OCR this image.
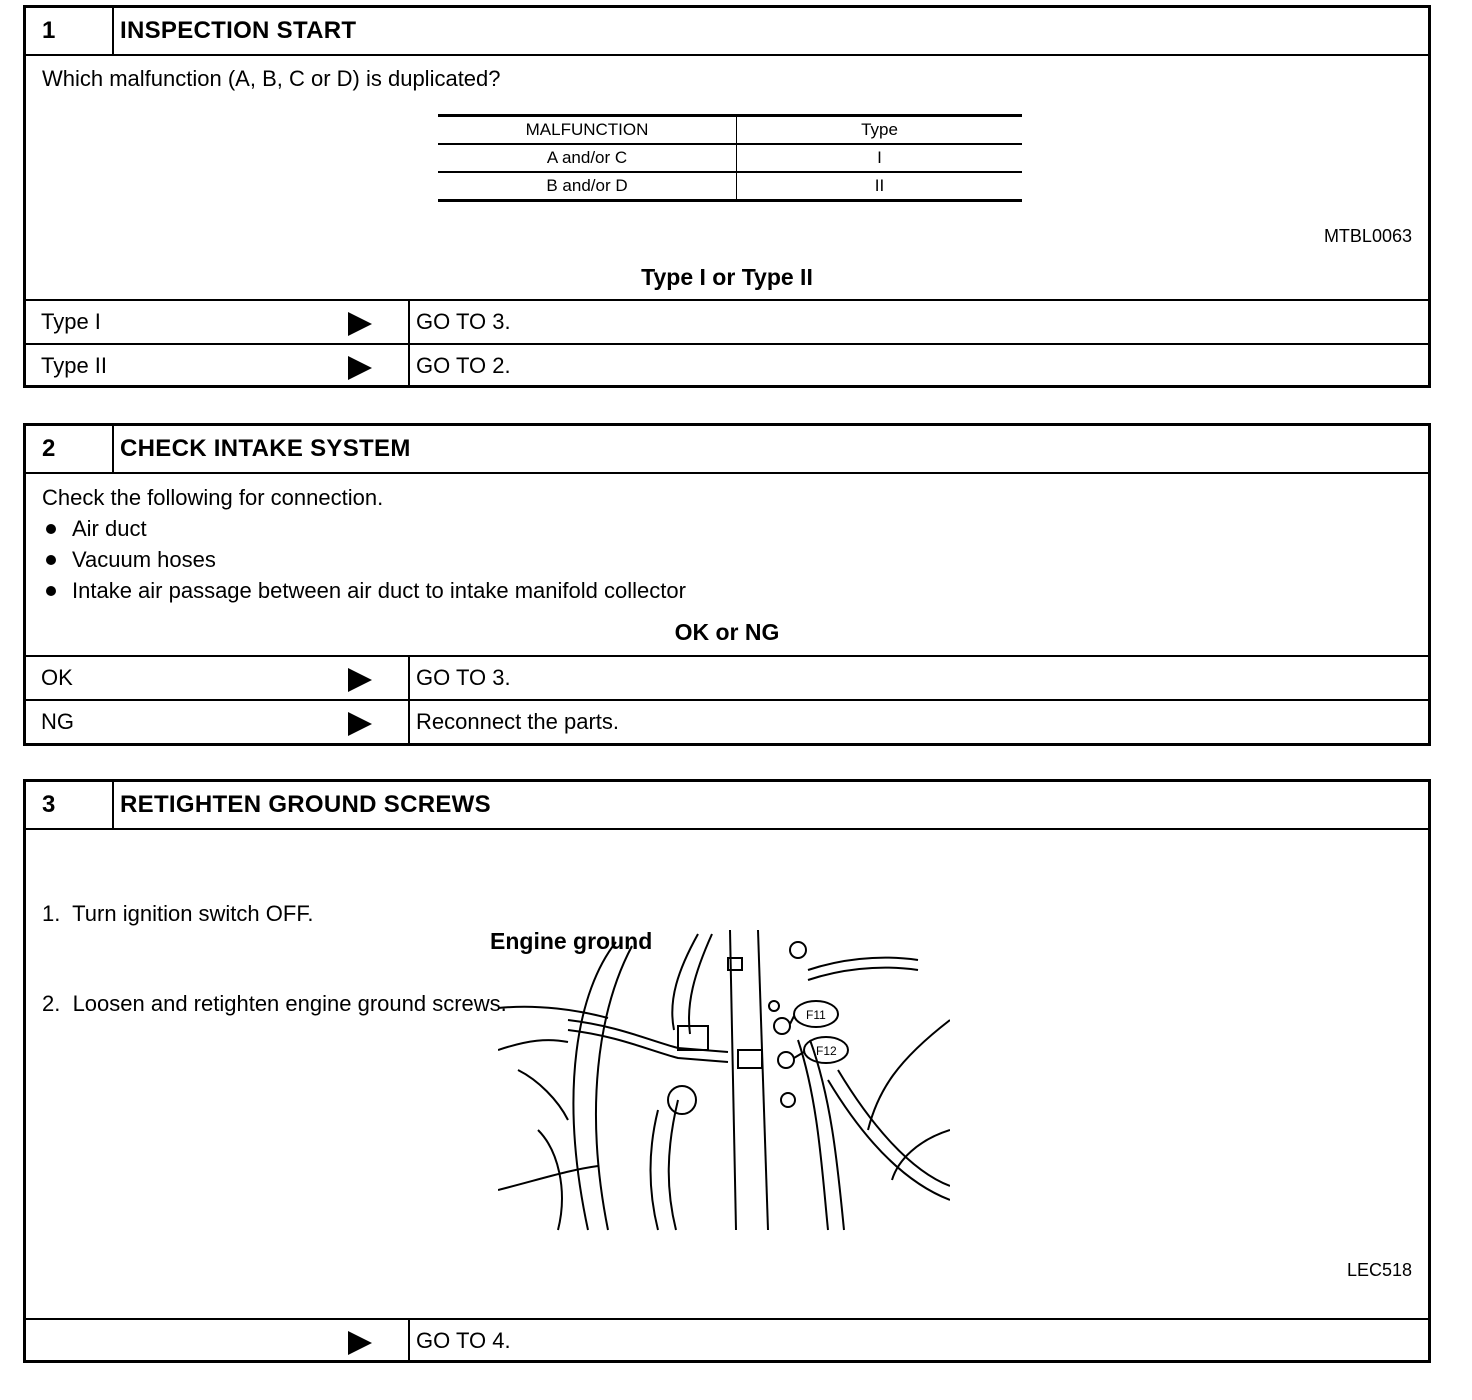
1	INSPECTION START

Which malfunction (A, B, C or D) is duplicated?

MALFUNCTION	Type
A and/or C	I
B and/or D	II
MTBL0063
Type I or Type II
Type I	GO TO 3.
Type II	GO TO 2.
2	CHECK INTAKE SYSTEM

Check the following for connection.

Air duct
Vacuum hoses
Intake air passage between air duct to intake manifold collector
OK or NG
OK	GO TO 3.
NG	Reconnect the parts.
3	RETIGHTEN GROUND SCREWS

1.  Turn ignition switch OFF.

2.  Loosen and retighten engine ground screws.

Engine ground
F11
F12
LEC518
GO TO 4.
